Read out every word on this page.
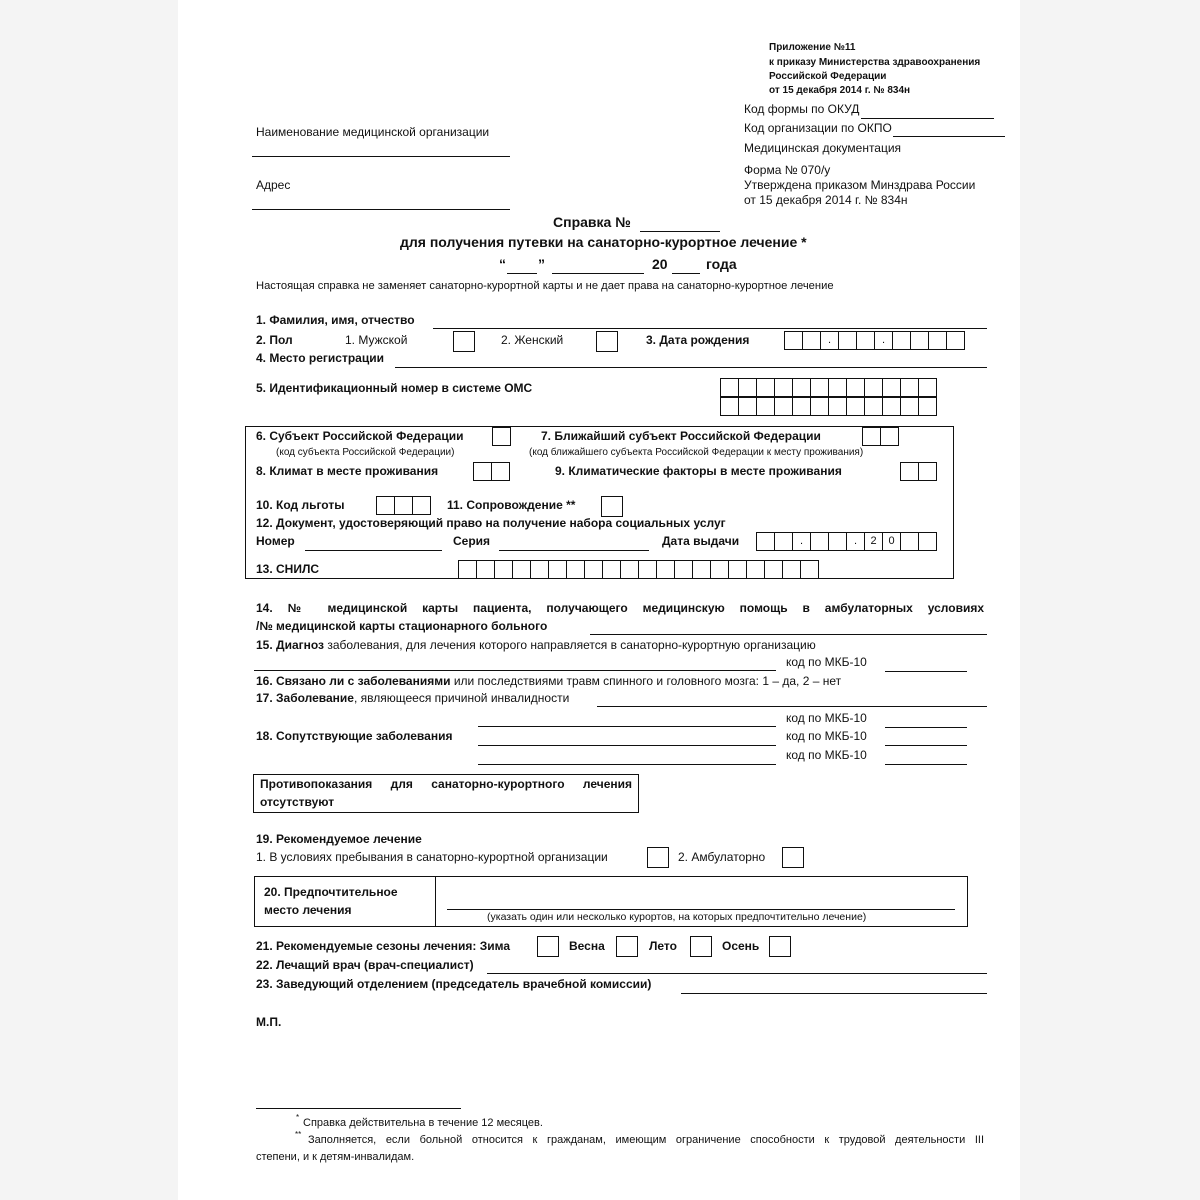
Приложение №11
к приказу Министерства здравоохранения
Российской Федерации
от 15 декабря 2014 г. № 834н
Код формы по ОКУД
Код организации по ОКПО
Медицинская документация
Форма № 070/у
Утверждена приказом Минздрава России
от 15 декабря 2014 г. № 834н
Наименование медицинской организации
Адрес
Справка №
для получения путевки на санаторно-курортное лечение *
“ ”	20	года
Настоящая справка не заменяет санаторно-курортной карты и не дает права на санаторно-курортное лечение
1. Фамилия, имя, отчество
2. Пол	1. Мужской	2. Женский	3. Дата рождения	.	.
4. Место регистрации
5. Идентификационный номер в системе ОМС
6. Субъект Российской Федерации
(код субъекта Российской Федерации)
7. Ближайший субъект Российской Федерации
(код ближайшего субъекта Российской Федерации к месту проживания)
8. Климат в месте проживания	9. Климатические факторы в месте проживания
10. Код льготы	11. Сопровождение **
12. Документ, удостоверяющий право на получение набора социальных услуг
Номер	Серия	Дата выдачи	.	.	2	0
13. СНИЛС
14. № медицинской карты пациента, получающего медицинскую помощь в амбулаторных условиях
/№ медицинской карты стационарного больного
15. Диагноз заболевания, для лечения которого направляется в санаторно-курортную организацию
код по МКБ-10
16. Связано ли с заболеваниями или последствиями травм спинного и головного мозга: 1 – да, 2 – нет
17. Заболевание, являющееся причиной инвалидности
код по МКБ-10
18. Сопутствующие заболевания	код по МКБ-10
код по МКБ-10
Противопоказания для санаторно-курортного лечения
отсутствуют
19. Рекомендуемое лечение
1. В условиях пребывания в санаторно-курортной организации	2. Амбулаторно
20. Предпочтительное
место лечения	(указать один или несколько курортов, на которых предпочтительно лечение)
21. Рекомендуемые сезоны лечения: Зима	Весна	Лето	Осень
22. Лечащий врач (врач-специалист)
23. Заведующий отделением (председатель врачебной комиссии)
М.П.
* Справка действительна в течение 12 месяцев.
** Заполняется, если больной относится к гражданам, имеющим ограничение способности к трудовой деятельности III
степени, и к детям-инвалидам.
